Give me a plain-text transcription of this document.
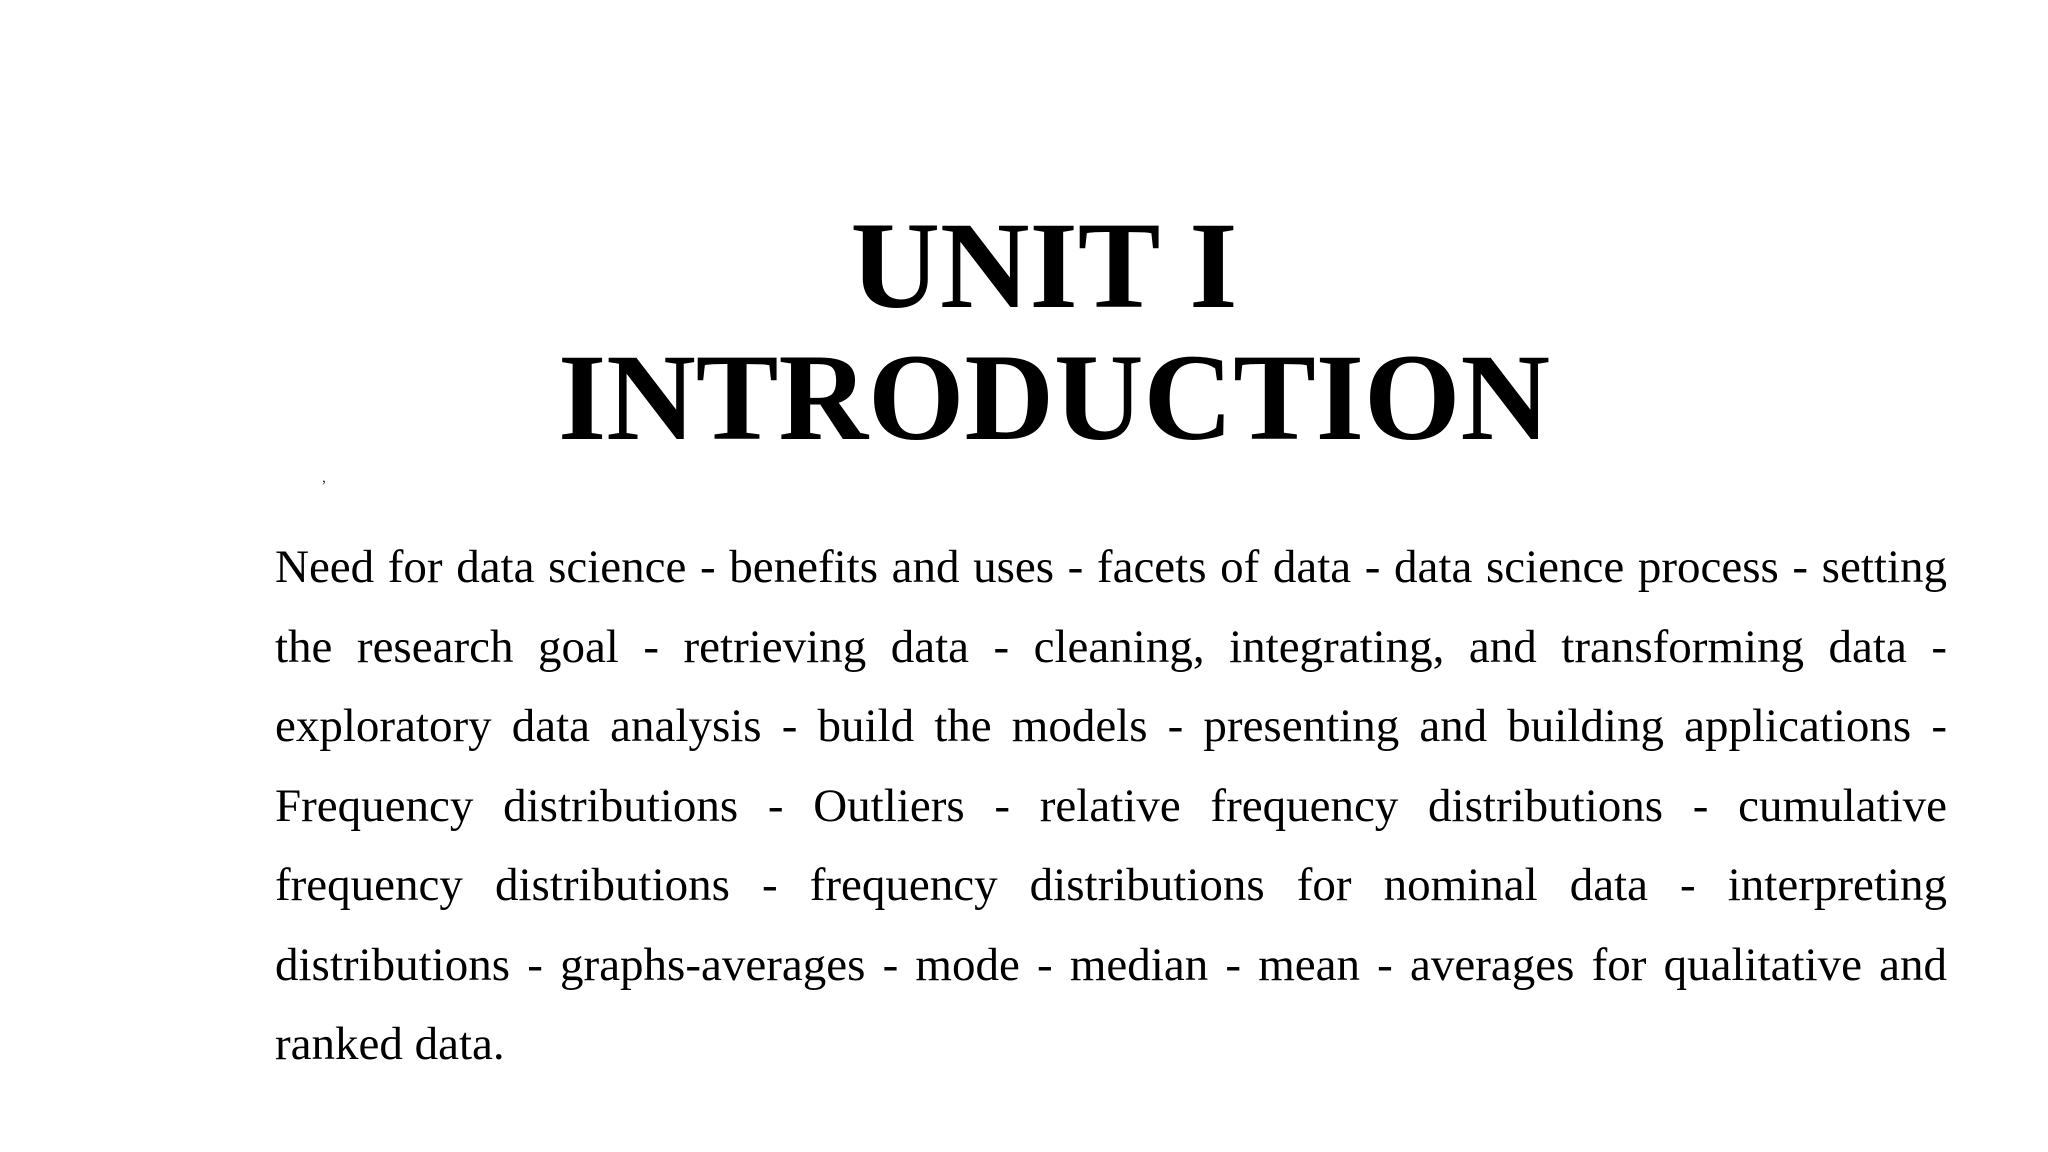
UNIT I
INTRODUCTION
,

Need for data science - benefits and uses - facets of data - data science process - setting the research goal - retrieving data - cleaning, integrating, and transforming data - exploratory data analysis - build the models - presenting and building applications - Frequency distributions - Outliers - relative frequency distributions - cumulative frequency distributions - frequency distributions for nominal data - interpreting distributions - graphs-averages - mode - median - mean - averages for qualitative and ranked data.
